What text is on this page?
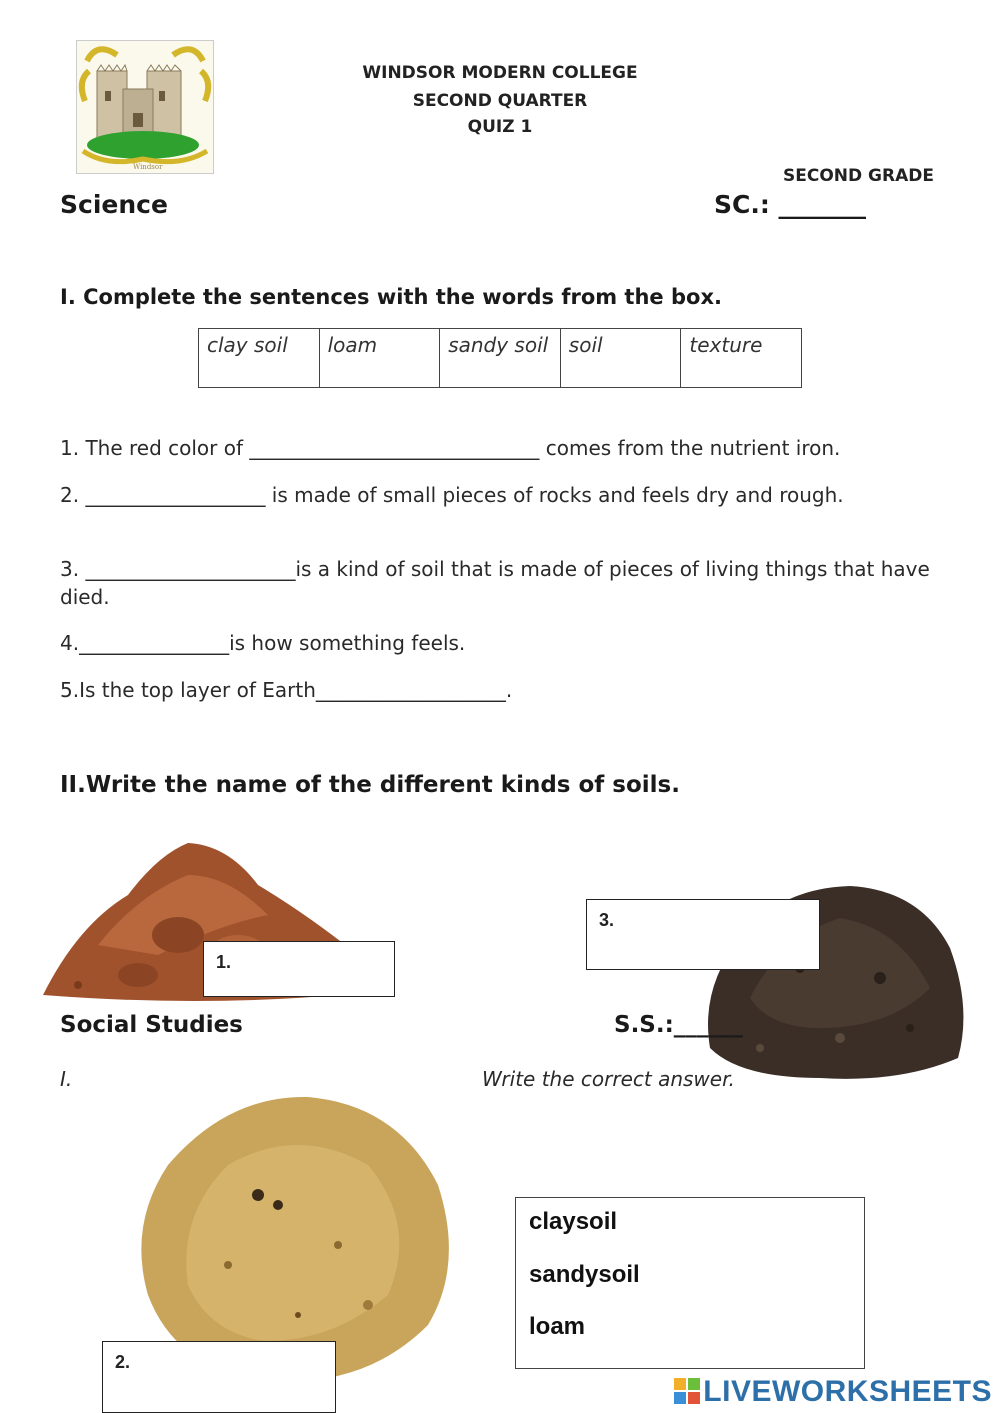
Windsor
WINDSOR MODERN COLLEGE
SECOND QUARTER
QUIZ 1
SECOND GRADE
Science	SC.: _______
I. Complete the sentences with the words from the box.
clay soil	loam	sandy soil	soil	texture
1. The red color of _____________________________ comes from the nutrient iron.
2. __________________ is made of small pieces of rocks and feels dry and rough.
3. _____________________is a kind of soil that is made of pieces of living things that have died.
4._______________is how something feels.
5.Is the top layer of Earth___________________.
II.Write the name of the different kinds of soils.
1.
3.
2.
Social Studies	S.S.:______
I.	Write the correct answer.
claysoil
sandysoil
loam
LIVEWORKSHEETS
